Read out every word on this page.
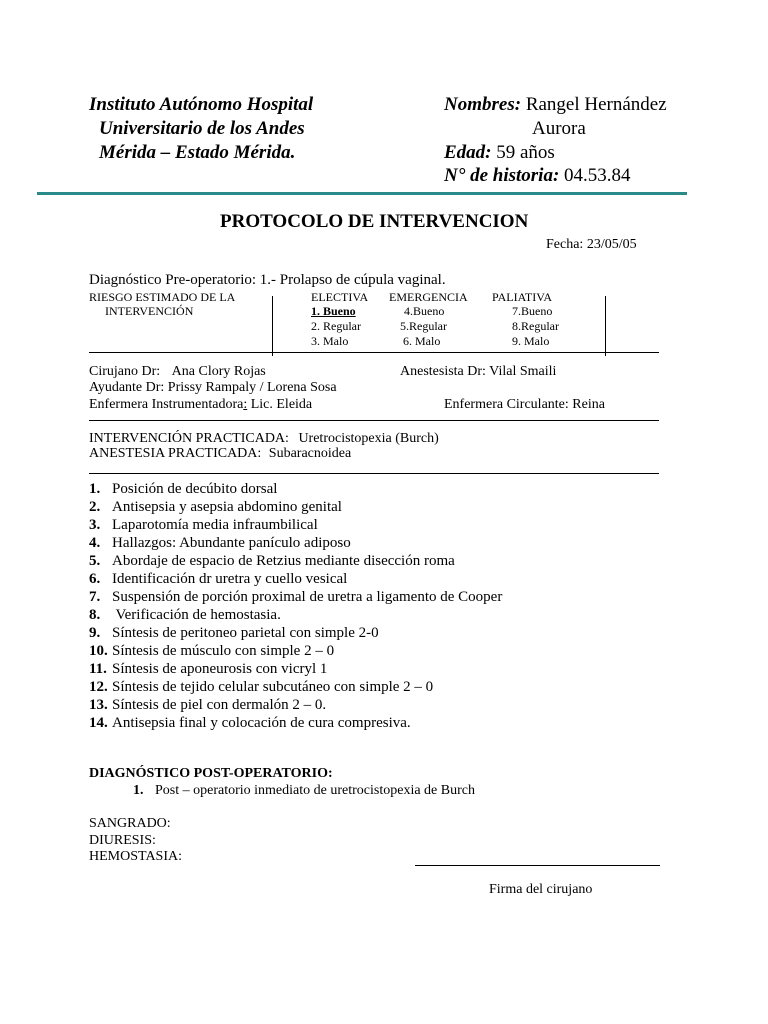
Instituto Autónomo Hospital
Universitario de los Andes
Mérida – Estado Mérida.
Nombres: Rangel Hernández
Aurora
Edad: 59 años
N° de historia: 04.53.84
PROTOCOLO DE INTERVENCION
Fecha: 23/05/05
Diagnóstico Pre-operatorio: 1.- Prolapso de cúpula vaginal.
RIESGO ESTIMADO DE LA
INTERVENCIÓN
ELECTIVA EMERGENCIA PALIATIVA
1. Bueno	4.Bueno	7.Bueno
2. Regular	5.Regular	8.Regular
3. Malo	6. Malo	9. Malo
Cirujano Dr: Ana Clory Rojas	Anestesista Dr: Vilal Smaili
Ayudante Dr: Prissy Rampaly / Lorena Sosa
Enfermera Instrumentadora: Lic. Eleida	Enfermera Circulante: Reina
INTERVENCIÓN PRACTICADA: Uretrocistopexia (Burch)
ANESTESIA PRACTICADA: Subaracnoidea
1. Posición de decúbito dorsal
2. Antisepsia y asepsia abdomino genital
3. Laparotomía media infraumbilical
4. Hallazgos: Abundante panículo adiposo
5. Abordaje de espacio de Retzius mediante disección roma
6. Identificación dr uretra y cuello vesical
7. Suspensión de porción proximal de uretra a ligamento de Cooper
8. Verificación de hemostasia.
9. Síntesis de peritoneo parietal con simple 2-0
10. Síntesis de músculo con simple 2 – 0
11. Síntesis de aponeurosis con vicryl 1
12. Síntesis de tejido celular subcutáneo con simple 2 – 0
13. Síntesis de piel con dermalón 2 – 0.
14. Antisepsia final y colocación de cura compresiva.
DIAGNÓSTICO POST-OPERATORIO:
1. Post – operatorio inmediato de uretrocistopexia de Burch
SANGRADO:
DIURESIS:
HEMOSTASIA:
Firma del cirujano
